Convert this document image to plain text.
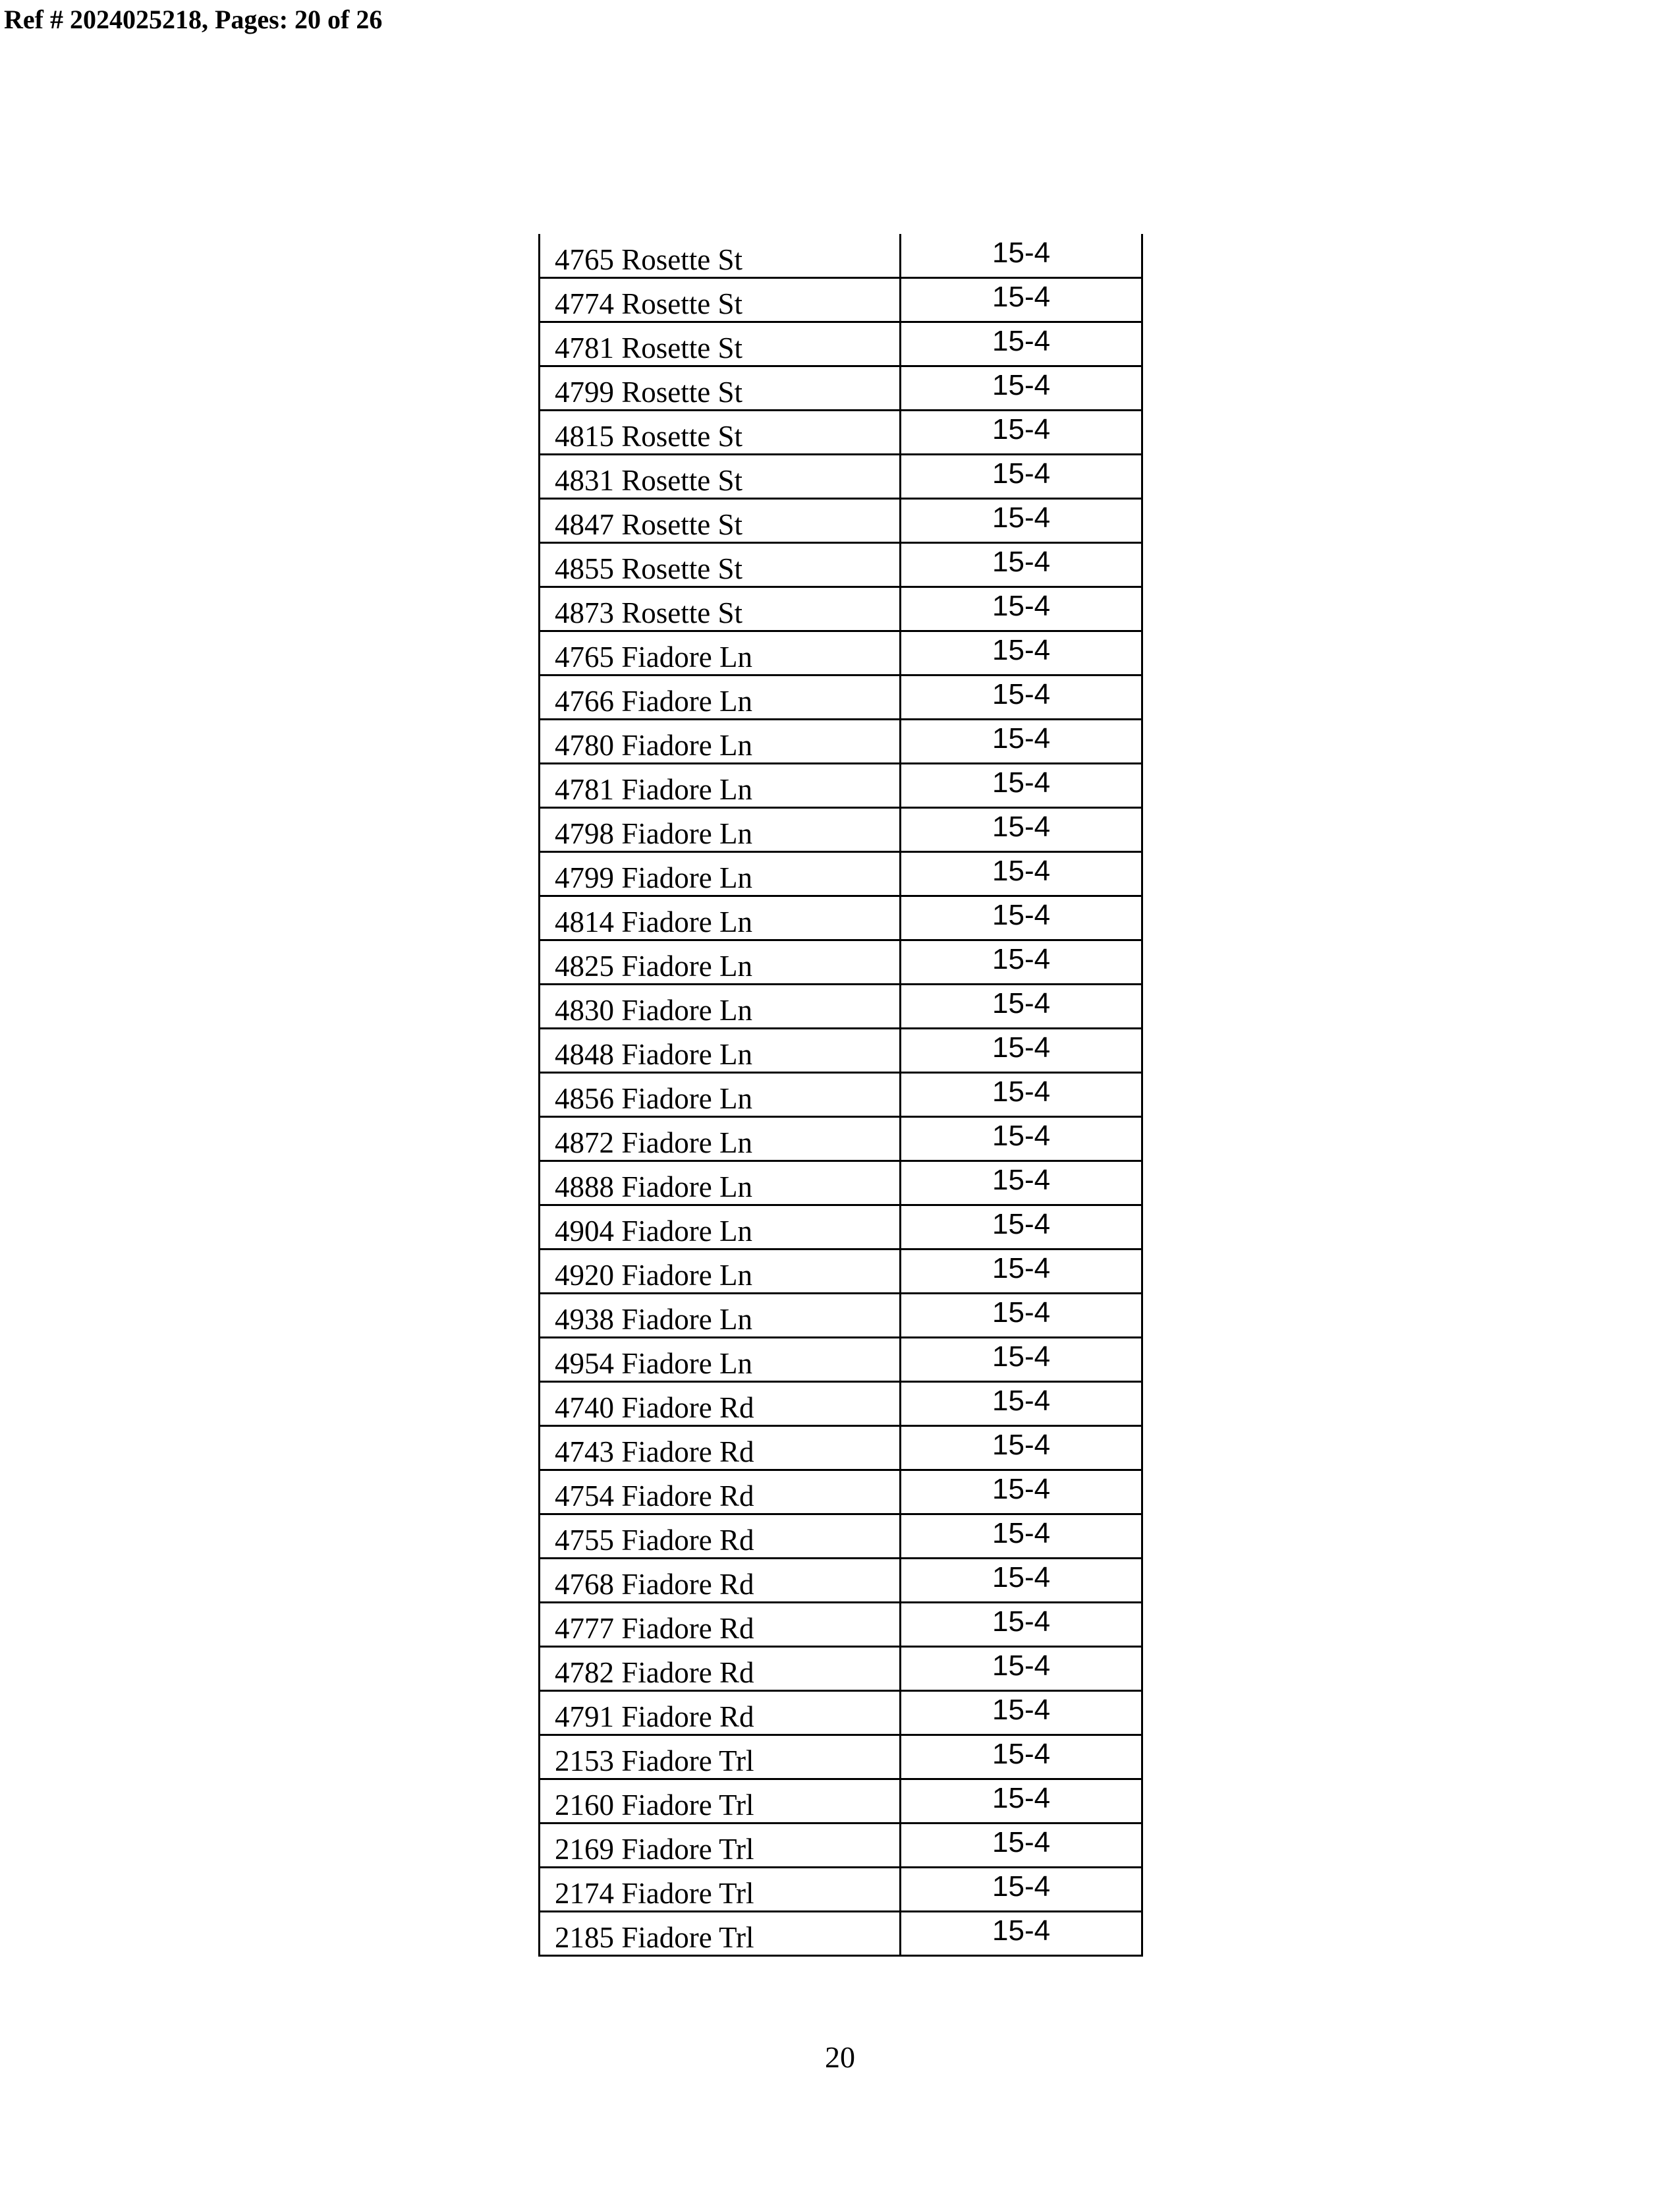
Ref # 2024025218, Pages: 20 of 26
4765 Rosette St	15-4
4774 Rosette St	15-4
4781 Rosette St	15-4
4799 Rosette St	15-4
4815 Rosette St	15-4
4831 Rosette St	15-4
4847 Rosette St	15-4
4855 Rosette St	15-4
4873 Rosette St	15-4
4765 Fiadore Ln	15-4
4766 Fiadore Ln	15-4
4780 Fiadore Ln	15-4
4781 Fiadore Ln	15-4
4798 Fiadore Ln	15-4
4799 Fiadore Ln	15-4
4814 Fiadore Ln	15-4
4825 Fiadore Ln	15-4
4830 Fiadore Ln	15-4
4848 Fiadore Ln	15-4
4856 Fiadore Ln	15-4
4872 Fiadore Ln	15-4
4888 Fiadore Ln	15-4
4904 Fiadore Ln	15-4
4920 Fiadore Ln	15-4
4938 Fiadore Ln	15-4
4954 Fiadore Ln	15-4
4740 Fiadore Rd	15-4
4743 Fiadore Rd	15-4
4754 Fiadore Rd	15-4
4755 Fiadore Rd	15-4
4768 Fiadore Rd	15-4
4777 Fiadore Rd	15-4
4782 Fiadore Rd	15-4
4791 Fiadore Rd	15-4
2153 Fiadore Trl	15-4
2160 Fiadore Trl	15-4
2169 Fiadore Trl	15-4
2174 Fiadore Trl	15-4
2185 Fiadore Trl	15-4
20
